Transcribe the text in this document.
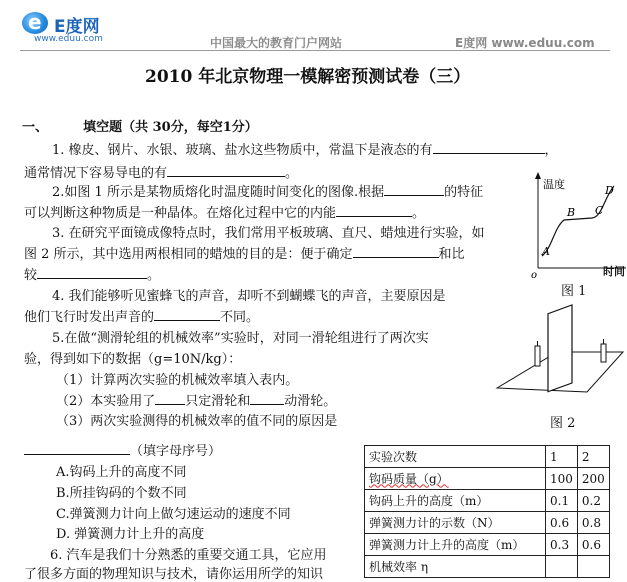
e
E度网
www.eduu.com	中国最大的教育门户网站	E度网 www.eduu.com
2010 年北京物理一模解密预测试卷（三）
一、	填空题（共 30分，每空1分）
1. 橡皮、钢片、水银、玻璃、盐水这些物质中，常温下是液态的有	，
通常情况下容易导电的有	。
2.如图 1 所示是某物质熔化时温度随时间变化的图像.根据	的特征
可以判断这种物质是一种晶体。在熔化过程中它的内能	。
3. 在研究平面镜成像特点时，我们常用平板玻璃、直尺、蜡烛进行实验，如
图 2 所示，其中选用两根相同的蜡烛的目的是：便于确定	和比
较	。
4. 我们能够听见蜜蜂飞的声音，却听不到蝴蝶飞的声音，主要原因是
他们飞行时发出声音的	不同。
5.在做“测滑轮组的机械效率”实验时，对同一滑轮组进行了两次实
验，得到如下的数据（g=10N/kg）：
（1）计算两次实验的机械效率填入表内。
（2）本实验用了 只定滑轮和	动滑轮。
（3）两次实验测得的机械效率的值不同的原因是
（填字母序号）
A.钩码上升的高度不同
B.所挂钩码的个数不同
C.弹簧测力计向上做匀速运动的速度不同
D. 弹簧测力计上升的高度
6. 汽车是我们十分熟悉的重要交通工具，它应用
了很多方面的物理知识与技术，请你运用所学的知识
温度
o
A
B C
D
时间
图 1
图 2
实验次数	1	2
钩码质量（g）	100	200
钩码上升的高度（m）	0.1	0.2
弹簧测力计的示数（N）	0.6	0.8
弹簧测力计上升的高度（m）	0.3	0.6
机械效率 η		
